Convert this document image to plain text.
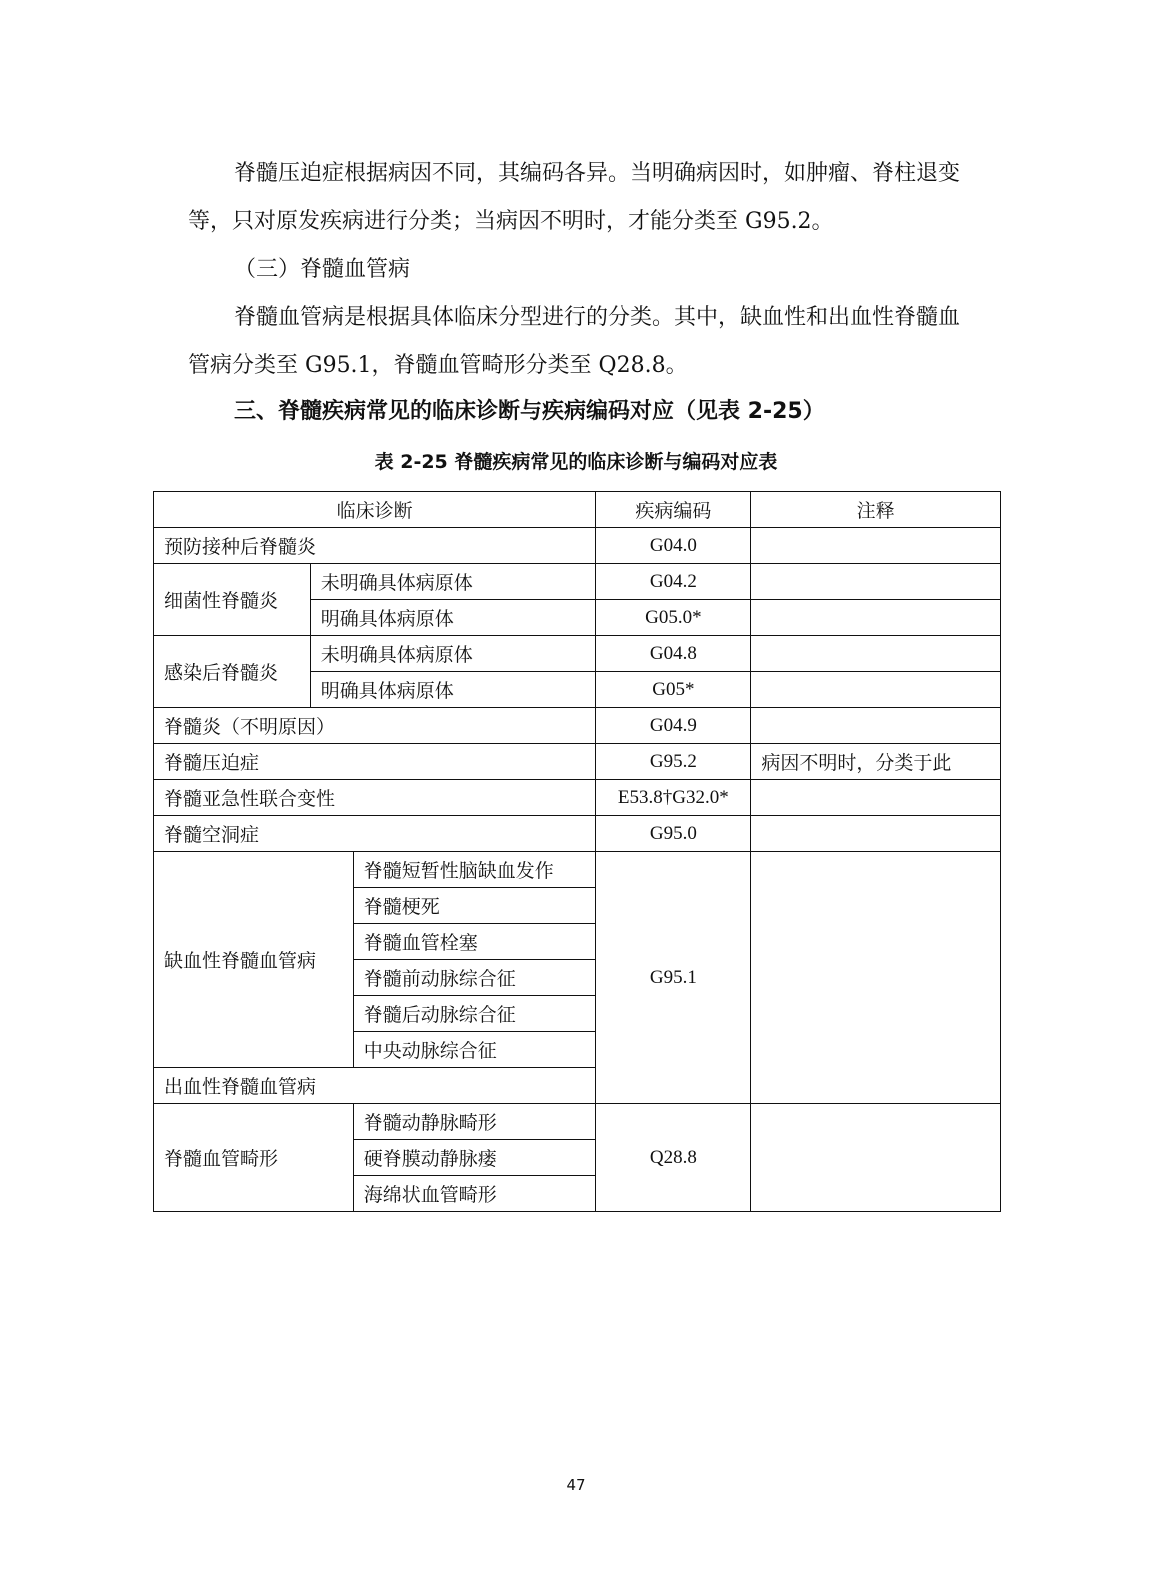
脊髓压迫症根据病因不同，其编码各异。当明确病因时，如肿瘤、脊柱退变等，只对原发疾病进行分类；当病因不明时，才能分类至 G95.2。

（三）脊髓血管病

脊髓血管病是根据具体临床分型进行的分类。其中，缺血性和出血性脊髓血管病分类至 G95.1，脊髓血管畸形分类至 Q28.8。

三、脊髓疾病常见的临床诊断与疾病编码对应（见表 2-25）

表 2-25 脊髓疾病常见的临床诊断与编码对应表

临床诊断			疾病编码	注释
预防接种后脊髓炎			G04.0	
细菌性脊髓炎	未明确具体病原体		G04.2	
	明确具体病原体		G05.0*	
感染后脊髓炎	未明确具体病原体		G04.8	
	明确具体病原体		G05*	
脊髓炎（不明原因）			G04.9	
脊髓压迫症			G95.2	病因不明时，分类于此
脊髓亚急性联合变性			E53.8†G32.0*	
脊髓空洞症			G95.0	
缺血性脊髓血管病		脊髓短暂性脑缺血发作	G95.1	
		脊髓梗死		
		脊髓血管栓塞		
		脊髓前动脉综合征		
		脊髓后动脉综合征		
		中央动脉综合征		
出血性脊髓血管病				
脊髓血管畸形		脊髓动静脉畸形	Q28.8	
		硬脊膜动静脉瘘		
		海绵状血管畸形		
47
